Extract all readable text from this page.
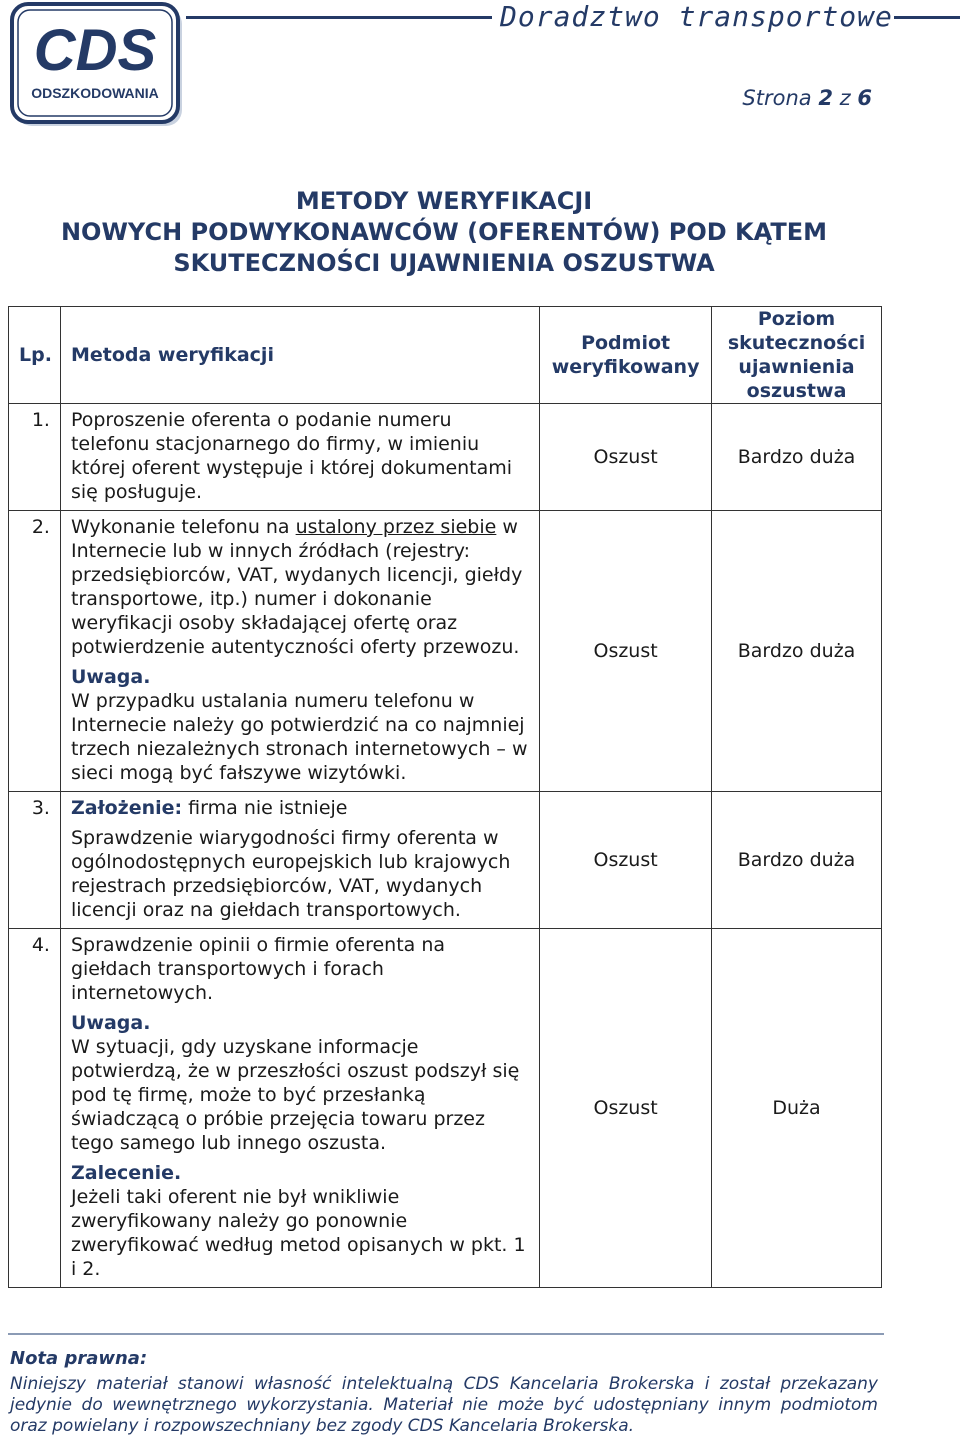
CDS
ODSZKODOWANIA
Doradztwo transportowe
Strona 2 z 6
METODY WERYFIKACJI
NOWYCH PODWYKONAWCÓW (OFERENTÓW) POD KĄTEM
SKUTECZNOŚCI UJAWNIENIA OSZUSTWA
Lp.	Metoda weryfikacji	Podmiot weryfikowany	Poziom skuteczności ujawnienia oszustwa
1.	Poproszenie oferenta o podanie numeru telefonu stacjonarnego do firmy, w imieniu której oferent występuje i której dokumentami się posługuje.	Oszust	Bardzo duża
2.	Wykonanie telefonu na ustalony przez siebie w Internecie lub w innych źródłach (rejestry: przedsiębiorców, VAT, wydanych licencji, giełdy transportowe, itp.) numer i dokonanie weryfikacji osoby składającej ofertę oraz potwierdzenie autentyczności oferty przewozu.

Uwaga.

W przypadku ustalania numeru telefonu w Internecie należy go potwierdzić na co najmniej trzech niezależnych stronach internetowych – w sieci mogą być fałszywe wizytówki.	Oszust	Bardzo duża
3.	Założenie: firma nie istnieje

Sprawdzenie wiarygodności firmy oferenta w ogólnodostępnych europejskich lub krajowych rejestrach przedsiębiorców, VAT, wydanych licencji oraz na giełdach transportowych.	Oszust	Bardzo duża
4.	Sprawdzenie opinii o firmie oferenta na giełdach transportowych i forach internetowych.

Uwaga.

W sytuacji, gdy uzyskane informacje potwierdzą, że w przeszłości oszust podszył się pod tę firmę, może to być przesłanką świadczącą o próbie przejęcia towaru przez tego samego lub innego oszusta.

Zalecenie.

Jeżeli taki oferent nie był wnikliwie zweryfikowany należy go ponownie zweryfikować według metod opisanych w pkt. 1 i 2.	Oszust	Duża
Nota prawna:
Niniejszy materiał stanowi własność intelektualną CDS Kancelaria Brokerska i został przekazany jedynie do wewnętrznego wykorzystania. Materiał nie może być udostępniany innym podmiotom oraz powielany i rozpowszechniany bez zgody CDS Kancelaria Brokerska.
